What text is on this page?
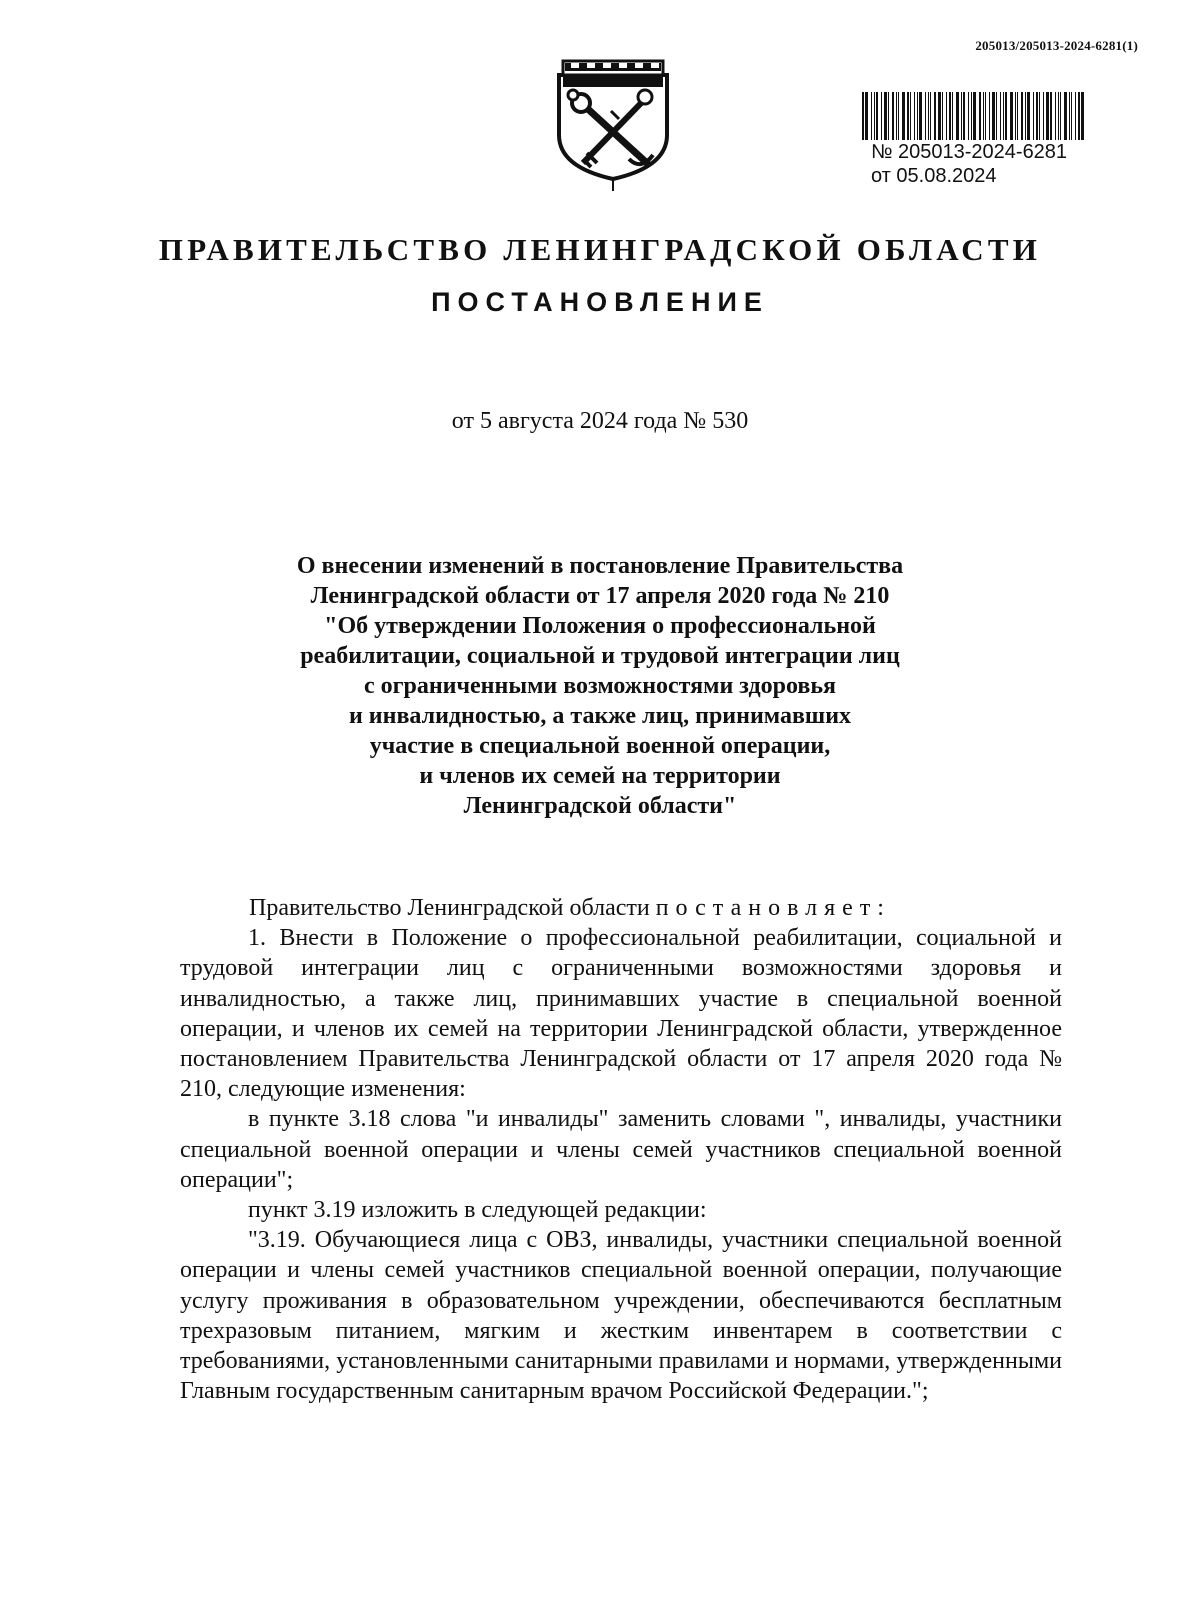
205013/205013-2024-6281(1)
№ 205013-2024-6281
от 05.08.2024
ПРАВИТЕЛЬСТВО ЛЕНИНГРАДСКОЙ ОБЛАСТИ
ПОСТАНОВЛЕНИЕ
от 5 августа 2024 года № 530
О внесении изменений в постановление Правительства
Ленинградской области от 17 апреля 2020 года № 210
"Об утверждении Положения о профессиональной
реабилитации, социальной и трудовой интеграции лиц
с ограниченными возможностями здоровья
и инвалидностью, а также лиц, принимавших
участие в специальной военной операции,
и членов их семей на территории
Ленинградской области"

Правительство Ленинградской области постановляет:

1. Внести в Положение о профессиональной реабилитации, социальной и трудовой интеграции лиц с ограниченными возможностями здоровья и инвалидностью, а также лиц, принимавших участие в специальной военной операции, и членов их семей на территории Ленинградской области, утвержденное постановлением Правительства Ленинградской области от 17 апреля 2020 года № 210, следующие изменения:

в пункте 3.18 слова "и инвалиды" заменить словами ", инвалиды, участники специальной военной операции и члены семей участников специальной военной операции";

пункт 3.19 изложить в следующей редакции:

"3.19. Обучающиеся лица с ОВЗ, инвалиды, участники специальной военной операции и члены семей участников специальной военной операции, получающие услугу проживания в образовательном учреждении, обеспечиваются бесплатным трехразовым питанием, мягким и жестким инвентарем в соответствии с требованиями, установленными санитарными правилами и нормами, утвержденными Главным государственным санитарным врачом Российской Федерации.";
